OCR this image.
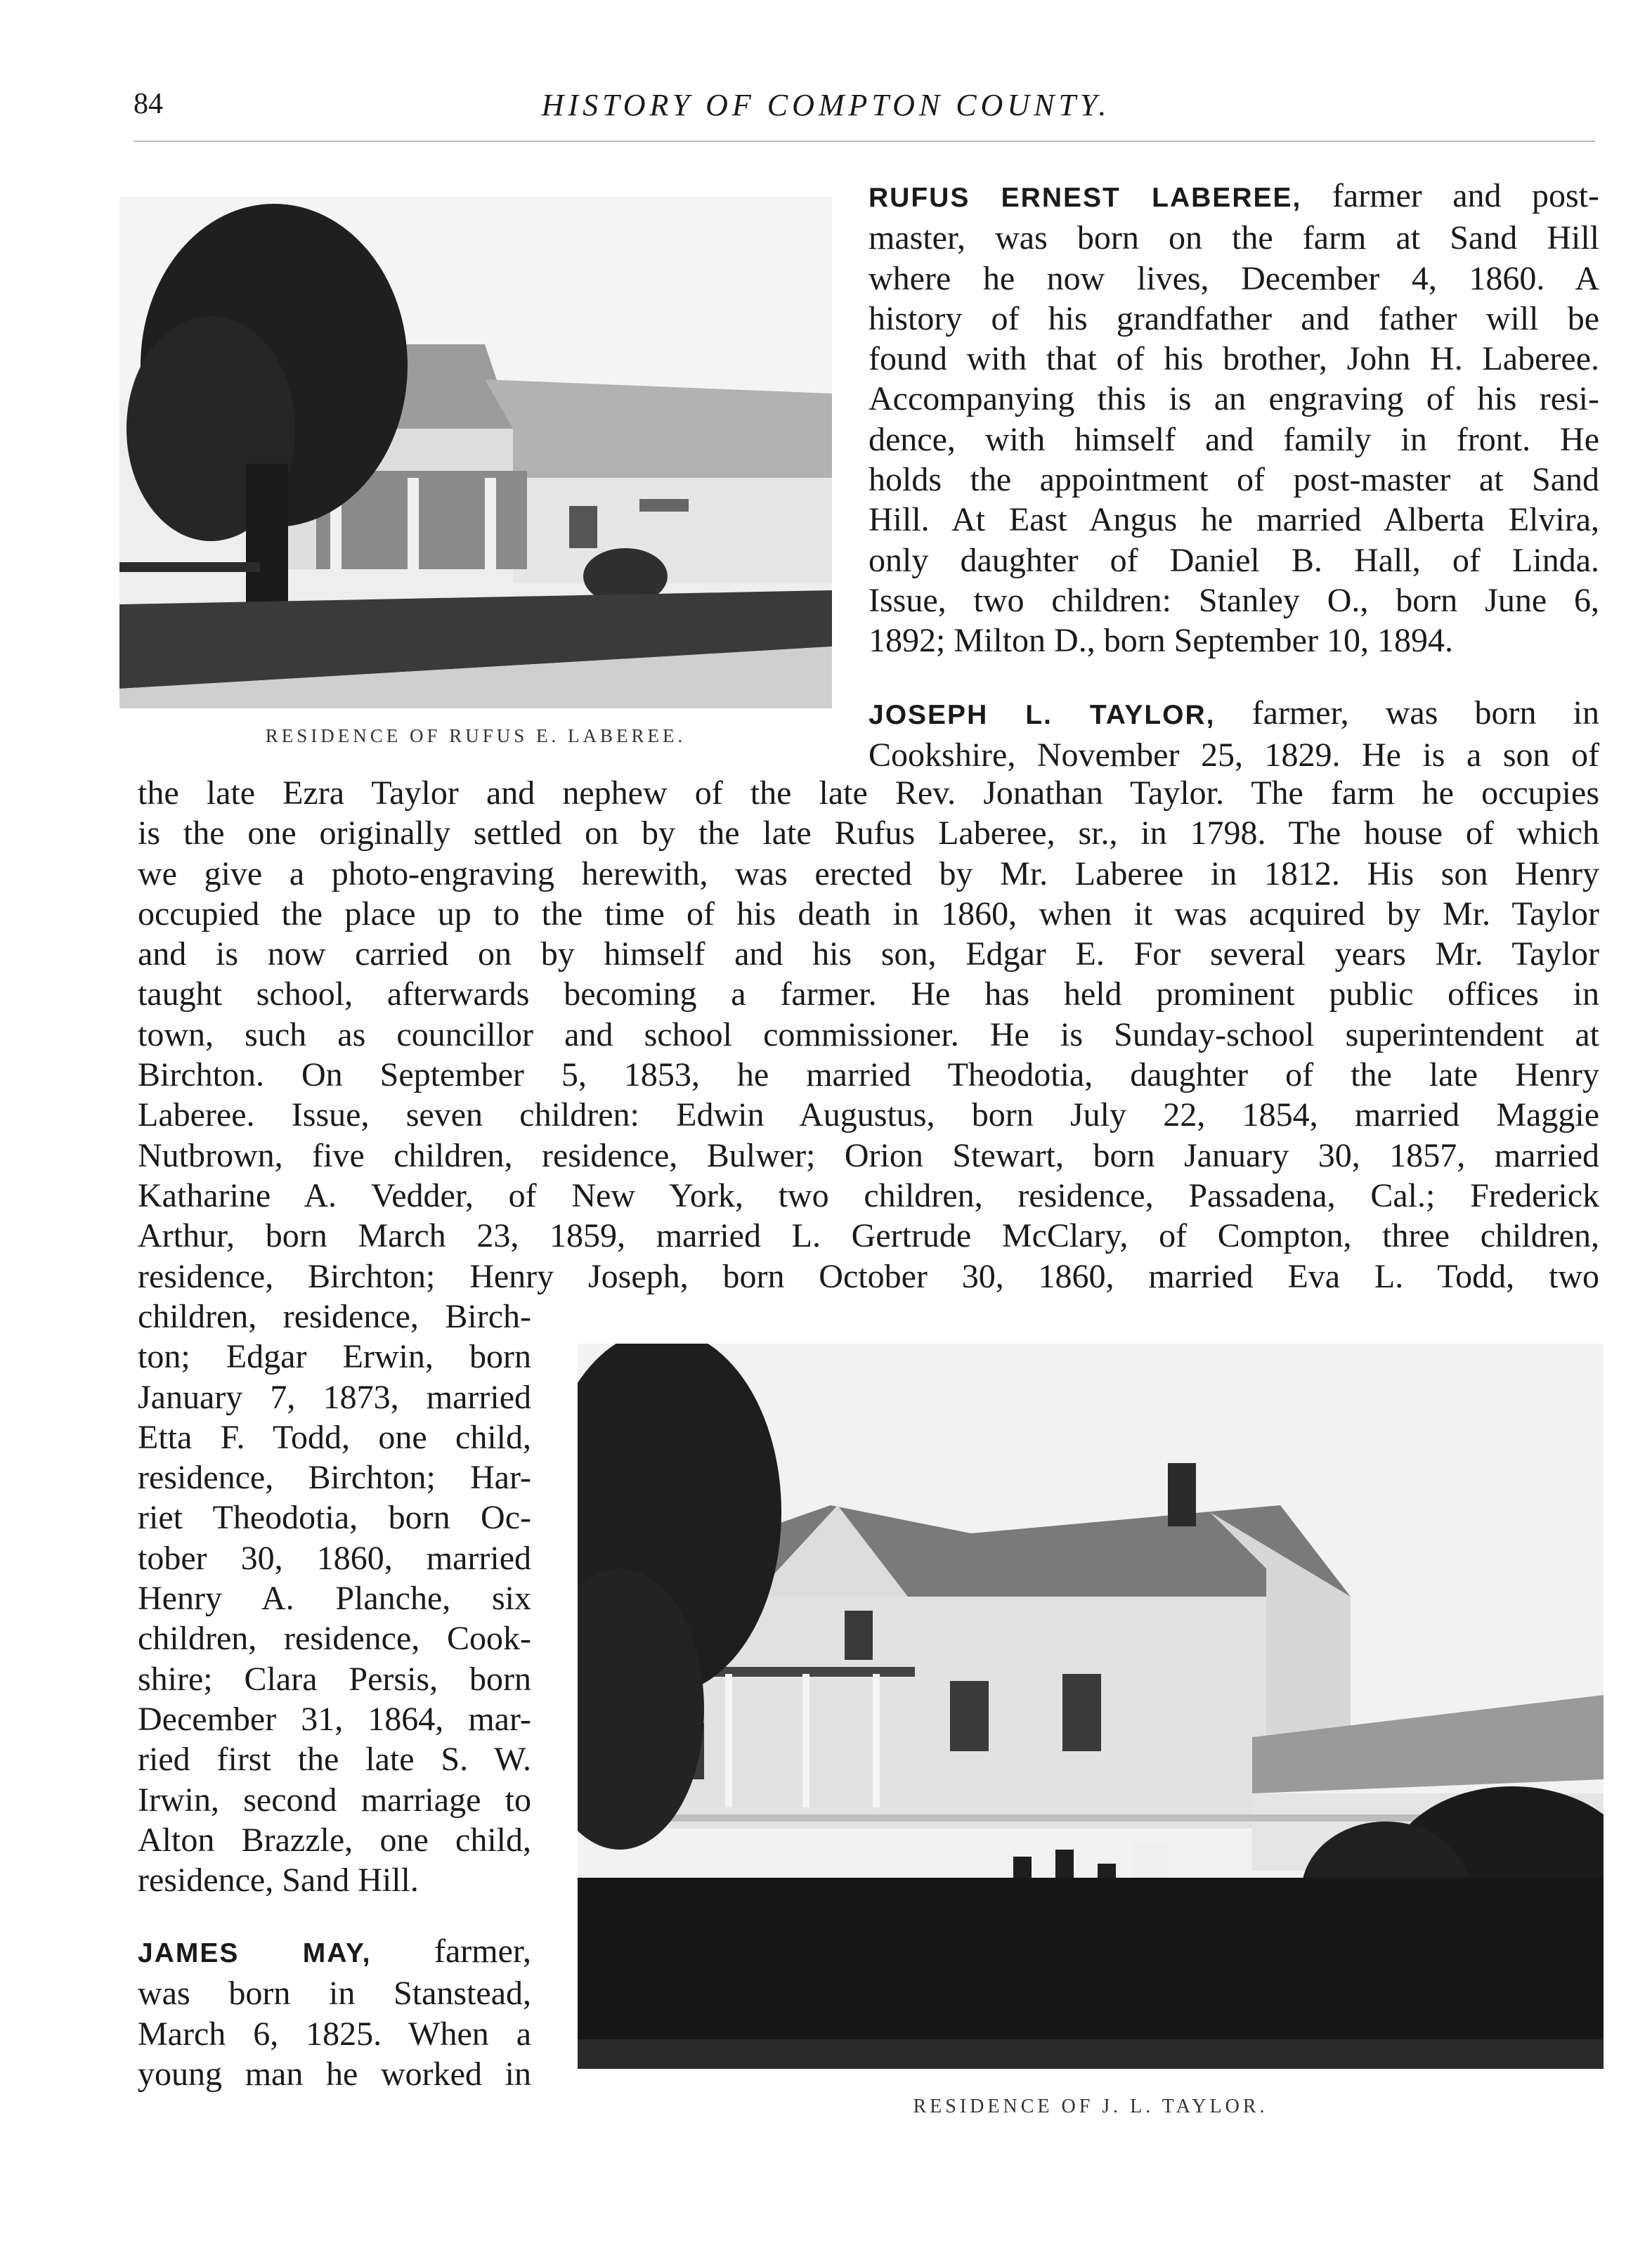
84	HISTORY OF COMPTON COUNTY.
RESIDENCE OF RUFUS E. LABEREE.
RUFUS ERNEST LABEREE, farmer and post-
master, was born on the farm at Sand Hill
where he now lives, December 4, 1860. A
history of his grandfather and father will be
found with that of his brother, John H. Laberee.
Accompanying this is an engraving of his resi-
dence, with himself and family in front. He
holds the appointment of post-master at Sand
Hill. At East Angus he married Alberta Elvira,
only daughter of Daniel B. Hall, of Linda.
Issue, two children: Stanley O., born June 6,
1892; Milton D., born September 10, 1894.
JOSEPH L. TAYLOR, farmer, was born in
Cookshire, November 25, 1829. He is a son of
the late Ezra Taylor and nephew of the late Rev. Jonathan Taylor. The farm he occupies
is the one originally settled on by the late Rufus Laberee, sr., in 1798. The house of which
we give a photo-engraving herewith, was erected by Mr. Laberee in 1812. His son Henry
occupied the place up to the time of his death in 1860, when it was acquired by Mr. Taylor
and is now carried on by himself and his son, Edgar E. For several years Mr. Taylor
taught school, afterwards becoming a farmer. He has held prominent public offices in
town, such as councillor and school commissioner. He is Sunday-school superintendent at
Birchton. On September 5, 1853, he married Theodotia, daughter of the late Henry
Laberee. Issue, seven children: Edwin Augustus, born July 22, 1854, married Maggie
Nutbrown, five children, residence, Bulwer; Orion Stewart, born January 30, 1857, married
Katharine A. Vedder, of New York, two children, residence, Passadena, Cal.; Frederick
Arthur, born March 23, 1859, married L. Gertrude McClary, of Compton, three children,
residence, Birchton; Henry Joseph, born October 30, 1860, married Eva L. Todd, two
children, residence, Birch-
ton; Edgar Erwin, born
January 7, 1873, married
Etta F. Todd, one child,
residence, Birchton; Har-
riet Theodotia, born Oc-
tober 30, 1860, married
Henry A. Planche, six
children, residence, Cook-
shire; Clara Persis, born
December 31, 1864, mar-
ried first the late S. W.
Irwin, second marriage to
Alton Brazzle, one child,
residence, Sand Hill.
JAMES MAY, farmer,
was born in Stanstead,
March 6, 1825. When a
young man he worked in
RESIDENCE OF J. L. TAYLOR.
